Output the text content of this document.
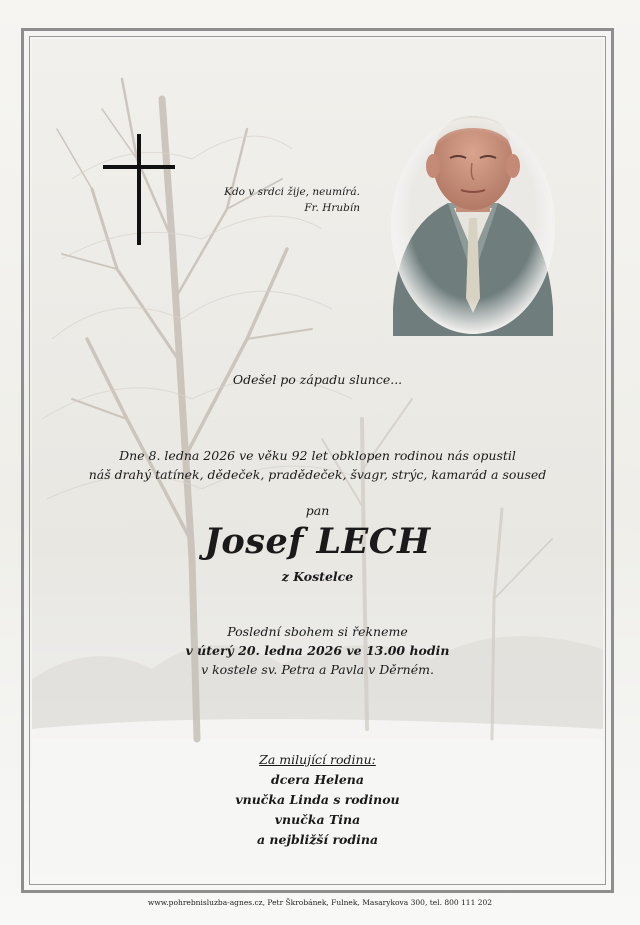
Kdo v srdci žije, neumírá.
Fr. Hrubín
Odešel po západu slunce...
Dne 8. ledna 2026 ve věku 92 let obklopen rodinou nás opustil
náš drahý tatínek, dědeček, pradědeček, švagr, strýc, kamarád a soused
pan
Josef LECH
z Kostelce
Poslední sbohem si řekneme
v úterý 20. ledna 2026 ve 13.00 hodin
v kostele sv. Petra a Pavla v Děrném.
Za milující rodinu:
dcera Helena
vnučka Linda s rodinou
vnučka Tina
a nejbližší rodina
www.pohrebnisluzba-agnes.cz, Petr Škrobánek, Fulnek, Masarykova 300, tel. 800 111 202
